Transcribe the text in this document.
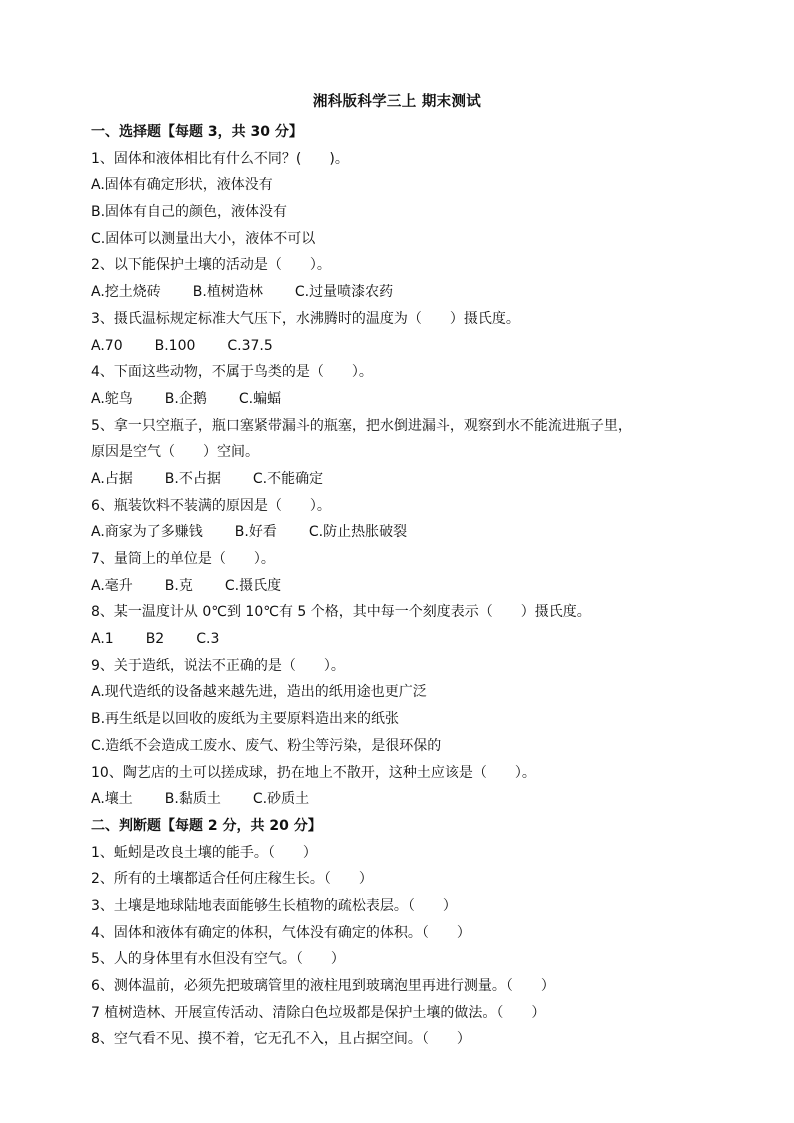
湘科版科学三上 期末测试
一、选择题【每题 3，共 30 分】
1、固体和液体相比有什么不同？(　　)。
A.固体有确定形状，液体没有
B.固体有自己的颜色，液体没有
C.固体可以测量出大小，液体不可以
2、以下能保护土壤的活动是（　　）。
A.挖土烧砖 B.植树造林 C.过量喷漆农药
3、摄氏温标规定标准大气压下，水沸腾时的温度为（　　）摄氏度。
A.70 B.100 C.37.5
4、下面这些动物，不属于鸟类的是（　　）。
A.鸵鸟 B.企鹅 C.蝙蝠
5、拿一只空瓶子，瓶口塞紧带漏斗的瓶塞，把水倒进漏斗，观察到水不能流进瓶子里，
原因是空气（　　）空间。
A.占据 B.不占据 C.不能确定
6、瓶装饮料不装满的原因是（　　）。
A.商家为了多赚钱 B.好看 C.防止热胀破裂
7、量筒上的单位是（　　）。
A.毫升 B.克 C.摄氏度
8、某一温度计从 0℃到 10℃有 5 个格，其中每一个刻度表示（　　）摄氏度。
A.1 B2 C.3
9、关于造纸，说法不正确的是（　　）。
A.现代造纸的设备越来越先进，造出的纸用途也更广泛
B.再生纸是以回收的废纸为主要原料造出来的纸张
C.造纸不会造成工废水、废气、粉尘等污染，是很环保的
10、陶艺店的土可以搓成球，扔在地上不散开，这种土应该是（　　）。
A.壤土 B.黏质土 C.砂质土
二、判断题【每题 2 分，共 20 分】
1、蚯蚓是改良土壤的能手。（　　）
2、所有的土壤都适合任何庄稼生长。（　　）
3、土壤是地球陆地表面能够生长植物的疏松表层。（　　）
4、固体和液体有确定的体积，气体没有确定的体积。（　　）
5、人的身体里有水但没有空气。（　　）
6、测体温前，必须先把玻璃管里的液柱甩到玻璃泡里再进行测量。（　　）
7 植树造林、开展宣传活动、清除白色垃圾都是保护土壤的做法。（　　）
8、空气看不见、摸不着，它无孔不入，且占据空间。（　　）
